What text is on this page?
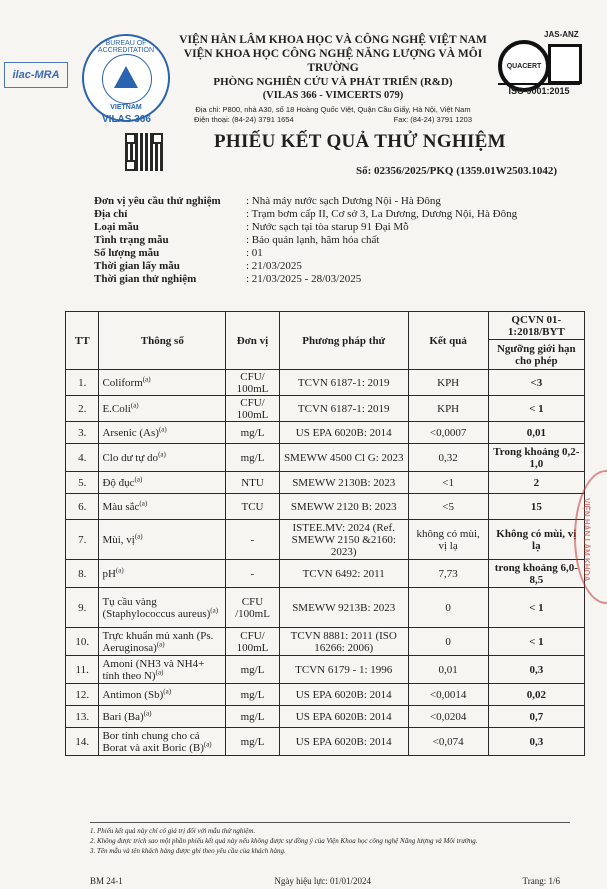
ilac-MRA
BUREAU OF ACCREDITATION
VIETNAM
VILAS 366
VIỆN HÀN LÂM KHOA HỌC VÀ CÔNG NGHỆ VIỆT NAM
VIỆN KHOA HỌC CÔNG NGHỆ NĂNG LƯỢNG VÀ MÔI TRƯỜNG
PHÒNG NGHIÊN CỨU VÀ PHÁT TRIỂN (R&D)
(VILAS 366 - VIMCERTS 079)
Địa chỉ: P800, nhà A30, số 18 Hoàng Quốc Việt, Quận Cầu Giấy, Hà Nội, Việt Nam
Điện thoại: (84-24) 3791 1654	Fax: (84-24) 3791 1203
QUACERT
JAS-ANZ
ISO 9001:2015
PHIẾU KẾT QUẢ THỬ NGHIỆM
Số: 02356/2025/PKQ (1359.01W2503.1042)
Đơn vị yêu cầu thử nghiệm	: Nhà máy nước sạch Dương Nội - Hà Đông
Địa chỉ	: Trạm bơm cấp II, Cơ sở 3, La Dương, Dương Nội, Hà Đông
Loại mẫu	: Nước sạch tại tòa starup 91 Đại Mỗ
Tình trạng mẫu	: Bảo quản lạnh, hãm hóa chất
Số lượng mẫu	: 01
Thời gian lấy mẫu	: 21/03/2025
Thời gian thử nghiệm	: 21/03/2025 - 28/03/2025
TT	Thông số	Đơn vị	Phương pháp thử	Kết quả	QCVN 01-1:2018/BYT
					Ngưỡng giới hạn cho phép
1.	Coliform$^{(a)}$	CFU/ 100mL	TCVN 6187-1: 2019	KPH	<3
2.	E.Coli$^{(a)}$	CFU/ 100mL	TCVN 6187-1: 2019	KPH	< 1
3.	Arsenic $(As)^{(a)}$	mg/L	US EPA 6020B: 2014	<0,0007	0,01
4.	Clo dư tự $do^{(a)}$	mg/L	SMEWW 4500 Cl G: 2023	0,32	Trong khoảng 0,2-1,0
5.	Độ đục$^{(a)}$	NTU	SMEWW 2130B: 2023	<1	2
6.	Màu sắc$^{(a)}$	TCU	SMEWW 2120 B: 2023	<5	15
7.	Mùi, vị$^{(a)}$	-	ISTEE.MV: 2024 (Ref. SMEWW 2150 &2160: 2023)	không có mùi, vị lạ	Không có mùi, vị lạ
8.	$pH^{(a)}$	-	TCVN 6492: 2011	7,73	trong khoảng 6,0-8,5
9.	Tụ cầu vàng (Staphylococcus aureus)$^{(a)}$	CFU /100mL	SMEWW 9213B: 2023	0	< 1
10.	Trực khuẩn mủ xanh (Ps. Aeruginosa)$^{(a)}$	CFU/ 100mL	TCVN 8881: 2011 (ISO 16266: 2006)	0	< 1
11.	Amoni (NH3 và NH4+ tính theo N)$^{(a)}$	mg/L	TCVN 6179 - 1: 1996	0,01	0,3
12.	Antimon $(Sb)^{(a)}$	mg/L	US EPA 6020B: 2014	<0,0014	0,02
13.	Bari $(Ba)^{(a)}$	mg/L	US EPA 6020B: 2014	<0,0204	0,7
14.	Bor tính chung cho cả Borat và axit Boric $(B)^{(a)}$	mg/L	US EPA 6020B: 2014	<0,074	0,3
1. Phiếu kết quả này chỉ có giá trị đối với mẫu thử nghiệm.
2. Không được trích sao một phần phiếu kết quả này nếu không được sự đồng ý của Viện Khoa học công nghệ Năng lượng và Môi trường.
3. Tên mẫu và tên khách hàng được ghi theo yêu cầu của khách hàng.
BM 24-1	Ngày hiệu lực: 01/01/2024	Trang: 1/6
VIỆN HÀN LÂM KHOA
